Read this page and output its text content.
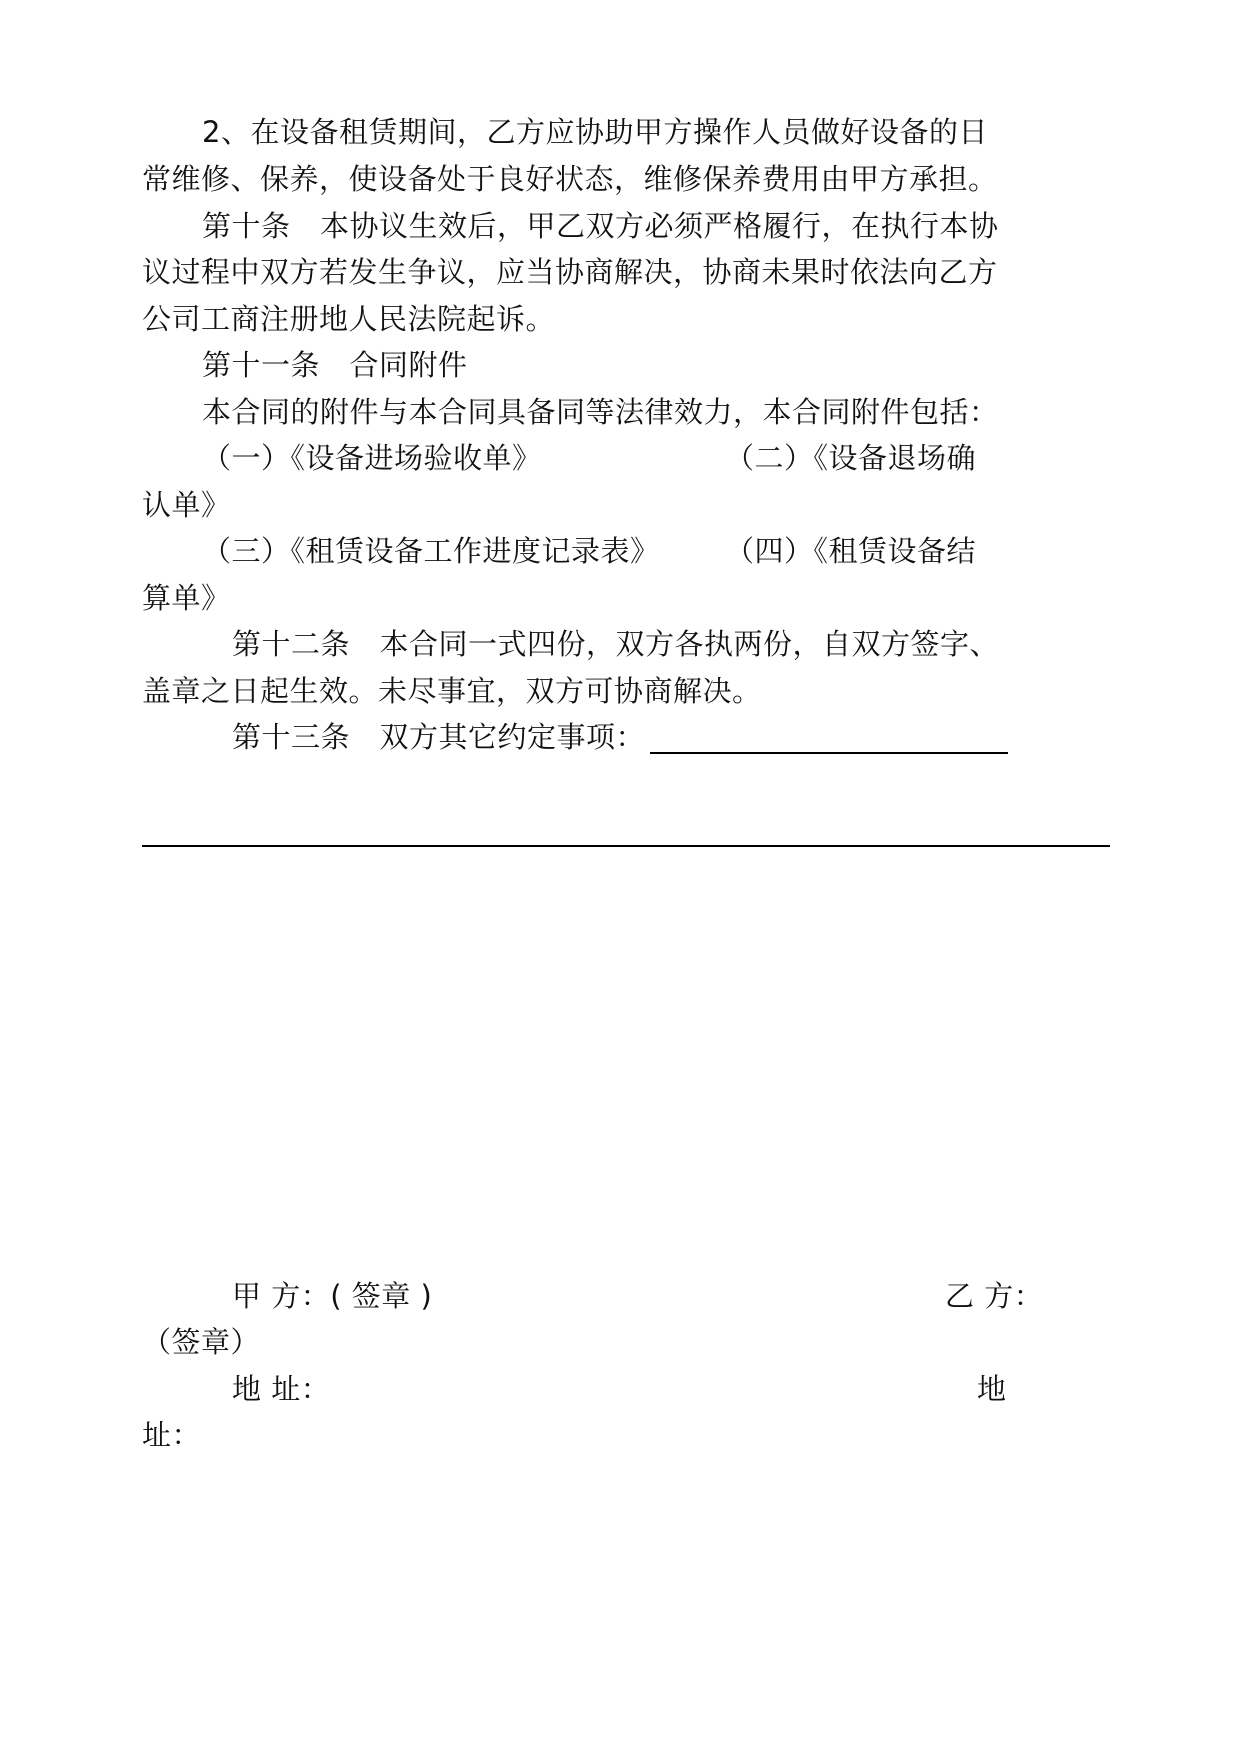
2、在设备租赁期间，乙方应协助甲方操作人员做好设备的日
常维修、保养，使设备处于良好状态，维修保养费用由甲方承担。
第十条　本协议生效后，甲乙双方必须严格履行，在执行本协
议过程中双方若发生争议，应当协商解决，协商未果时依法向乙方
公司工商注册地人民法院起诉。
第十一条　合同附件
本合同的附件与本合同具备同等法律效力，本合同附件包括：
（一）《设备进场验收单》	（二）《设备退场确
认单》
（三）《租赁设备工作进度记录表》 （四）《租赁设备结
算单》
第十二条　本合同一式四份，双方各执两份，自双方签字、
盖章之日起生效。未尽事宜，双方可协商解决。
第十三条　双方其它约定事项：
甲 方：( 签章 )	乙 方：
（签章）
地 址：	地
址：
